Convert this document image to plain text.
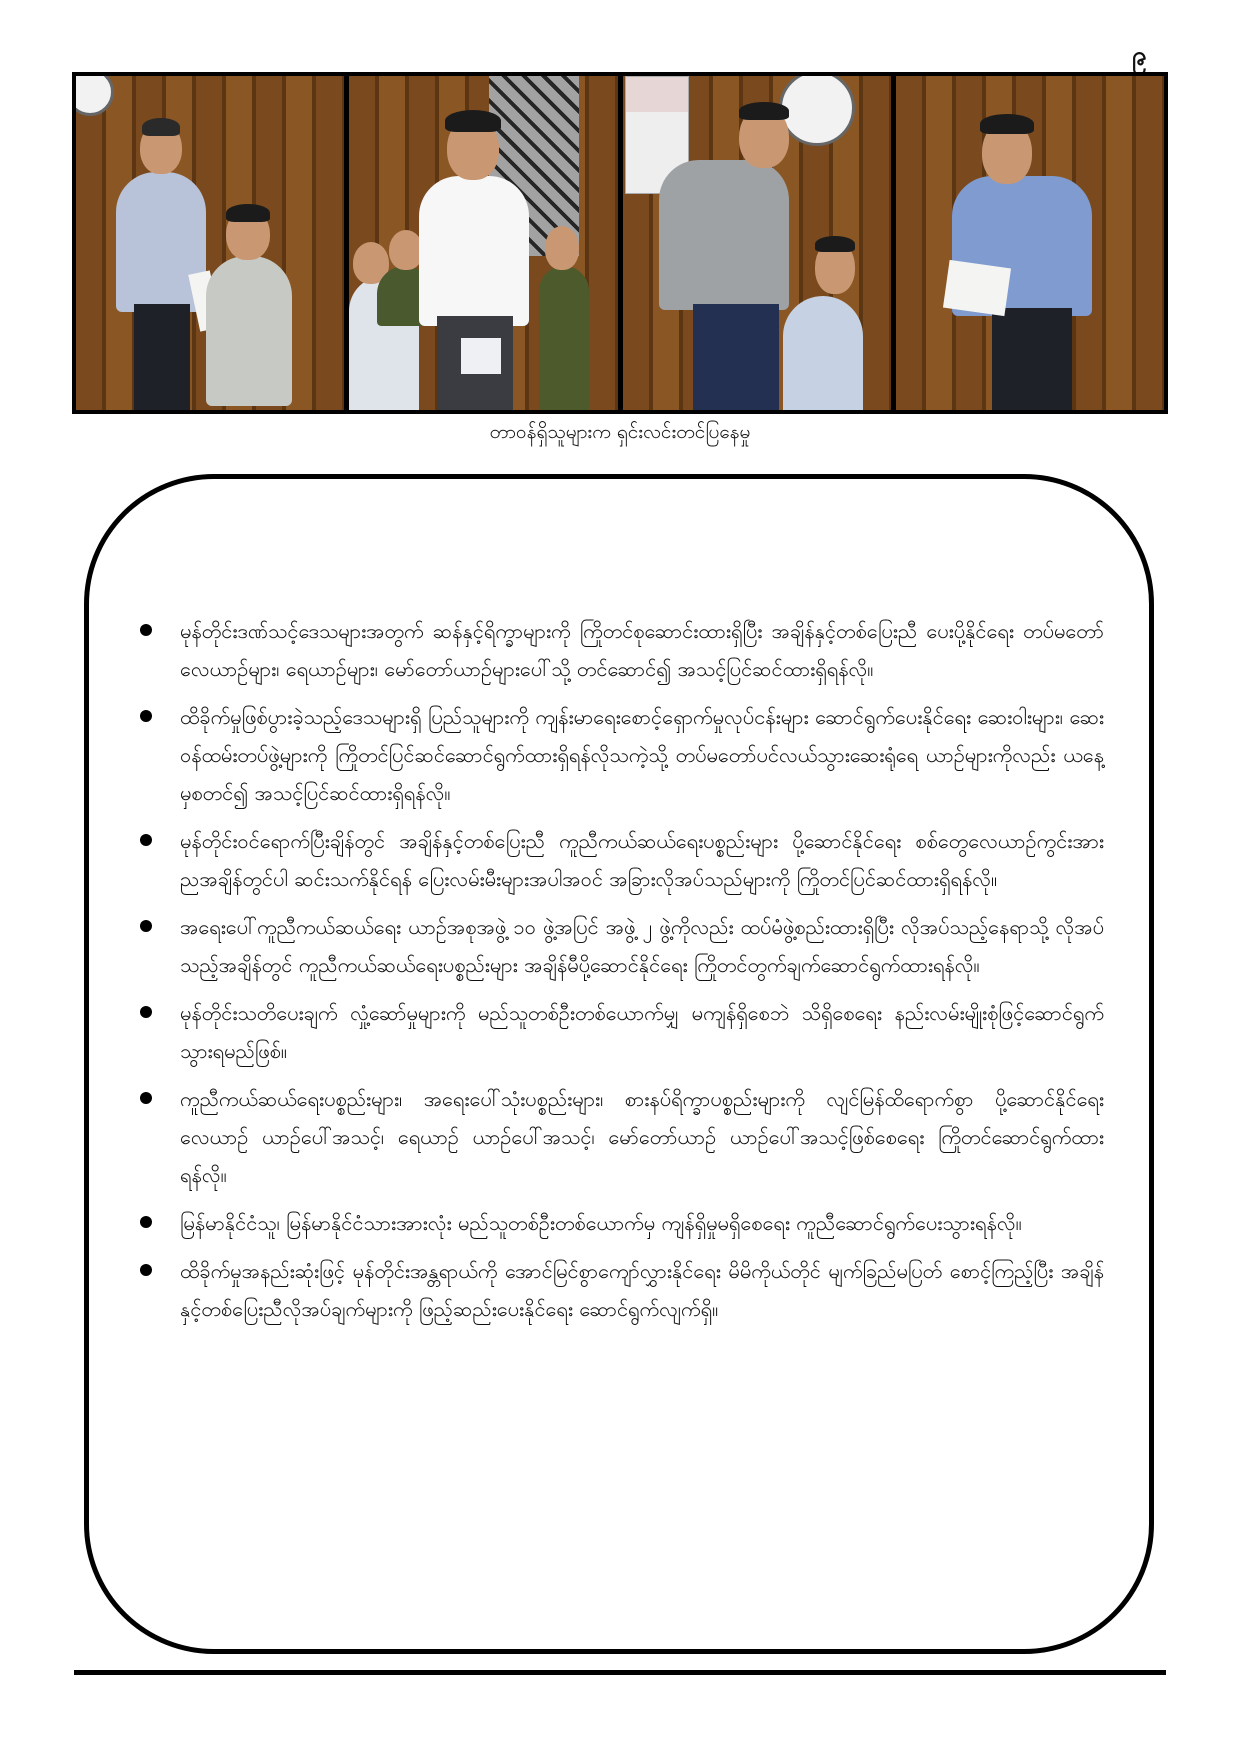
၉
တာဝန်ရှိသူများက ရှင်းလင်းတင်ပြနေမှု
မုန်တိုင်းဒဏ်သင့်ဒေသများအတွက် ဆန်နှင့်ရိက္ခာများကို ကြိုတင်စုဆောင်းထားရှိပြီး အချိန်နှင့်တစ်ပြေးညီ ပေးပို့နိုင်ရေး တပ်မတော်လေယာဉ်များ၊ ရေယာဉ်များ၊ မော်တော်ယာဉ်များပေါ်သို့ တင်ဆောင်၍ အသင့်ပြင်ဆင်ထားရှိရန်လို။
ထိခိုက်မှုဖြစ်ပွားခဲ့သည့်ဒေသများရှိ ပြည်သူများကို ကျန်းမာရေးစောင့်ရှောက်မှုလုပ်ငန်းများ ဆောင်ရွက်ပေးနိုင်ရေး ဆေးဝါးများ၊ ဆေးဝန်ထမ်းတပ်ဖွဲ့များကို ကြိုတင်ပြင်ဆင်ဆောင်ရွက်ထားရှိရန်လိုသကဲ့သို့ တပ်မတော်ပင်လယ်သွားဆေးရုံရေ ယာဉ်များကိုလည်း ယနေ့မှစတင်၍ အသင့်ပြင်ဆင်ထားရှိရန်လို။
မုန်တိုင်းဝင်ရောက်ပြီးချိန်တွင် အချိန်နှင့်တစ်ပြေးညီ ကူညီကယ်ဆယ်ရေးပစ္စည်းများ ပို့ဆောင်နိုင်ရေး စစ်တွေလေယာဉ်ကွင်းအား ညအချိန်တွင်ပါ ဆင်းသက်နိုင်ရန် ပြေးလမ်းမီးများအပါအဝင် အခြားလိုအပ်သည်များကို ကြိုတင်ပြင်ဆင်ထားရှိရန်လို။
အရေးပေါ်ကူညီကယ်ဆယ်ရေး ယာဉ်အစုအဖွဲ့ ၁၀ ဖွဲ့အပြင် အဖွဲ့ ၂ ဖွဲ့ကိုလည်း ထပ်မံဖွဲ့စည်းထားရှိပြီး လိုအပ်သည့်နေရာသို့ လိုအပ်သည့်အချိန်တွင် ကူညီကယ်ဆယ်ရေးပစ္စည်းများ အချိန်မီပို့ဆောင်နိုင်ရေး ကြိုတင်တွက်ချက်ဆောင်ရွက်ထားရန်လို။
မုန်တိုင်းသတိပေးချက် လှုံ့ဆော်မှုများကို မည်သူတစ်ဦးတစ်ယောက်မျှ မကျန်ရှိစေဘဲ သိရှိစေရေး နည်းလမ်းမျိုးစုံဖြင့်ဆောင်ရွက်သွားရမည်ဖြစ်။
ကူညီကယ်ဆယ်ရေးပစ္စည်းများ၊ အရေးပေါ်သုံးပစ္စည်းများ၊ စားနပ်ရိက္ခာပစ္စည်းများကို လျင်မြန်ထိရောက်စွာ ပို့ဆောင်နိုင်ရေး လေယာဉ် ယာဉ်ပေါ်အသင့်၊ ရေယာဉ် ယာဉ်ပေါ်အသင့်၊ မော်တော်ယာဉ် ယာဉ်ပေါ်အသင့်ဖြစ်စေရေး ကြိုတင်ဆောင်ရွက်ထားရန်လို။
မြန်မာနိုင်ငံသူ၊ မြန်မာနိုင်ငံသားအားလုံး မည်သူတစ်ဦးတစ်ယောက်မှ ကျန်ရှိမှုမရှိစေရေး ကူညီဆောင်ရွက်ပေးသွားရန်လို။
ထိခိုက်မှုအနည်းဆုံးဖြင့် မုန်တိုင်းအန္တရာယ်ကို အောင်မြင်စွာကျော်လွှားနိုင်ရေး မိမိကိုယ်တိုင် မျက်ခြည်မပြတ် စောင့်ကြည့်ပြီး အချိန်နှင့်တစ်ပြေးညီလိုအပ်ချက်များကို ဖြည့်ဆည်းပေးနိုင်ရေး ဆောင်ရွက်လျက်ရှိ။
